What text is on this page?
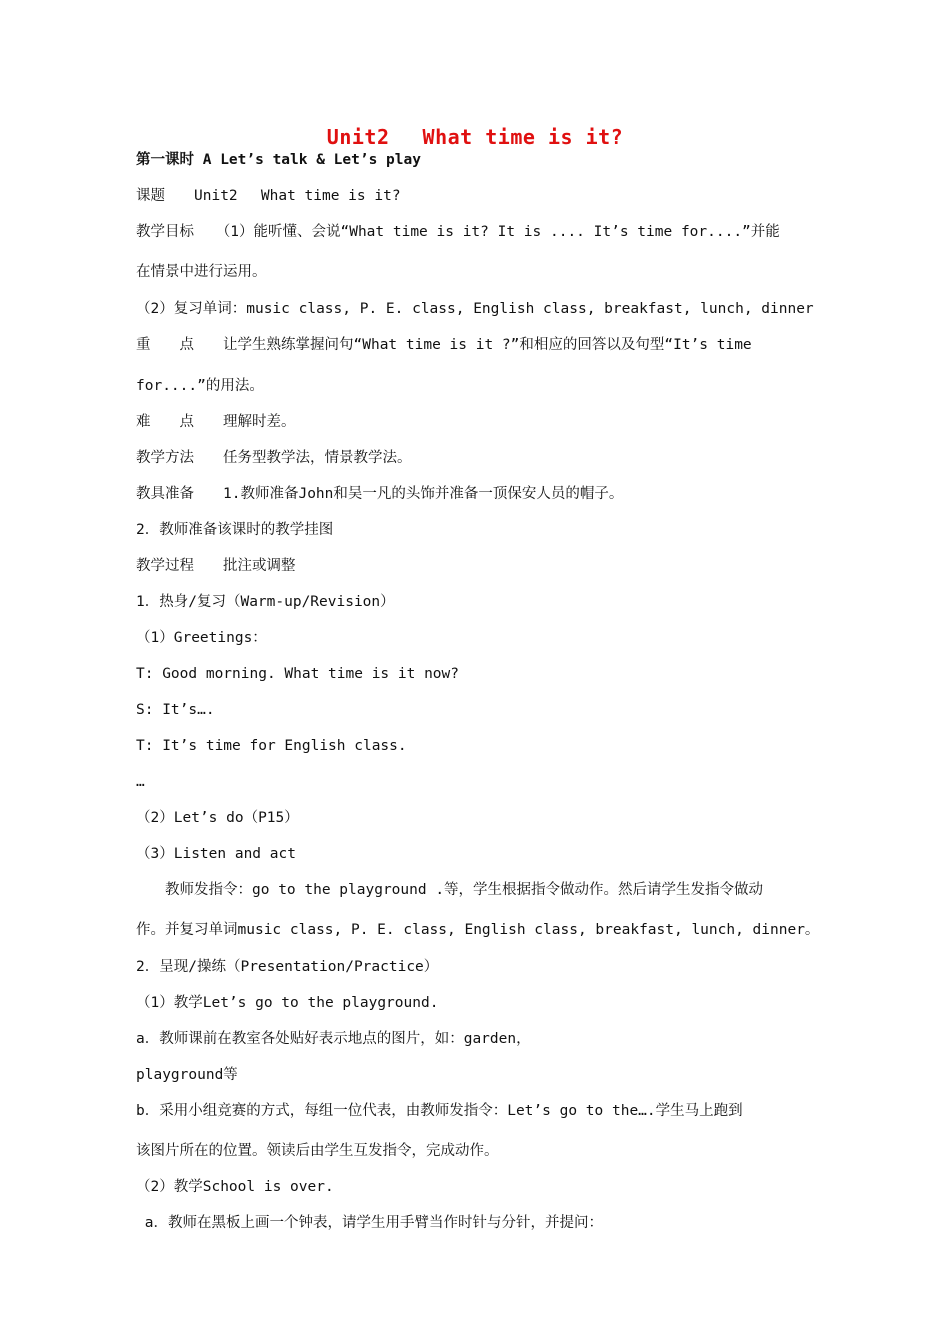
Unit2　 What time is it?
第一课时 A Let’s talk & Let’s play
课题　　Unit2　 What time is it?
教学目标　　（1）能听懂、会说“What time is it? It is .... It’s time for....”并能
在情景中进行运用。
（2）复习单词：music class, P. E. class, English class, breakfast, lunch, dinner
重　　点　　让学生熟练掌握问句“What time is it ?”和相应的回答以及句型“It’s time
for....”的用法。
难　　点　　理解时差。
教学方法　　任务型教学法，情景教学法。
教具准备　　1.教师准备John和吴一凡的头饰并准备一顶保安人员的帽子。
2．教师准备该课时的教学挂图
教学过程　　批注或调整
1．热身/复习（Warm-up/Revision）
（1）Greetings：
T: Good morning. What time is it now?
S: It’s….
T: It’s time for English class.
…
（2）Let’s do（P15）
（3）Listen and act
　　教师发指令：go to the playground .等，学生根据指令做动作。然后请学生发指令做动
作。并复习单词music class, P. E. class, English class, breakfast, lunch, dinner。
2．呈现/操练（Presentation/Practice）
（1）教学Let’s go to the playground.
a．教师课前在教室各处贴好表示地点的图片，如：garden，
playground等
b．采用小组竞赛的方式，每组一位代表，由教师发指令：Let’s go to the….学生马上跑到
该图片所在的位置。领读后由学生互发指令，完成动作。
（2）教学School is over.
a．教师在黑板上画一个钟表，请学生用手臂当作时针与分针，并提问：
